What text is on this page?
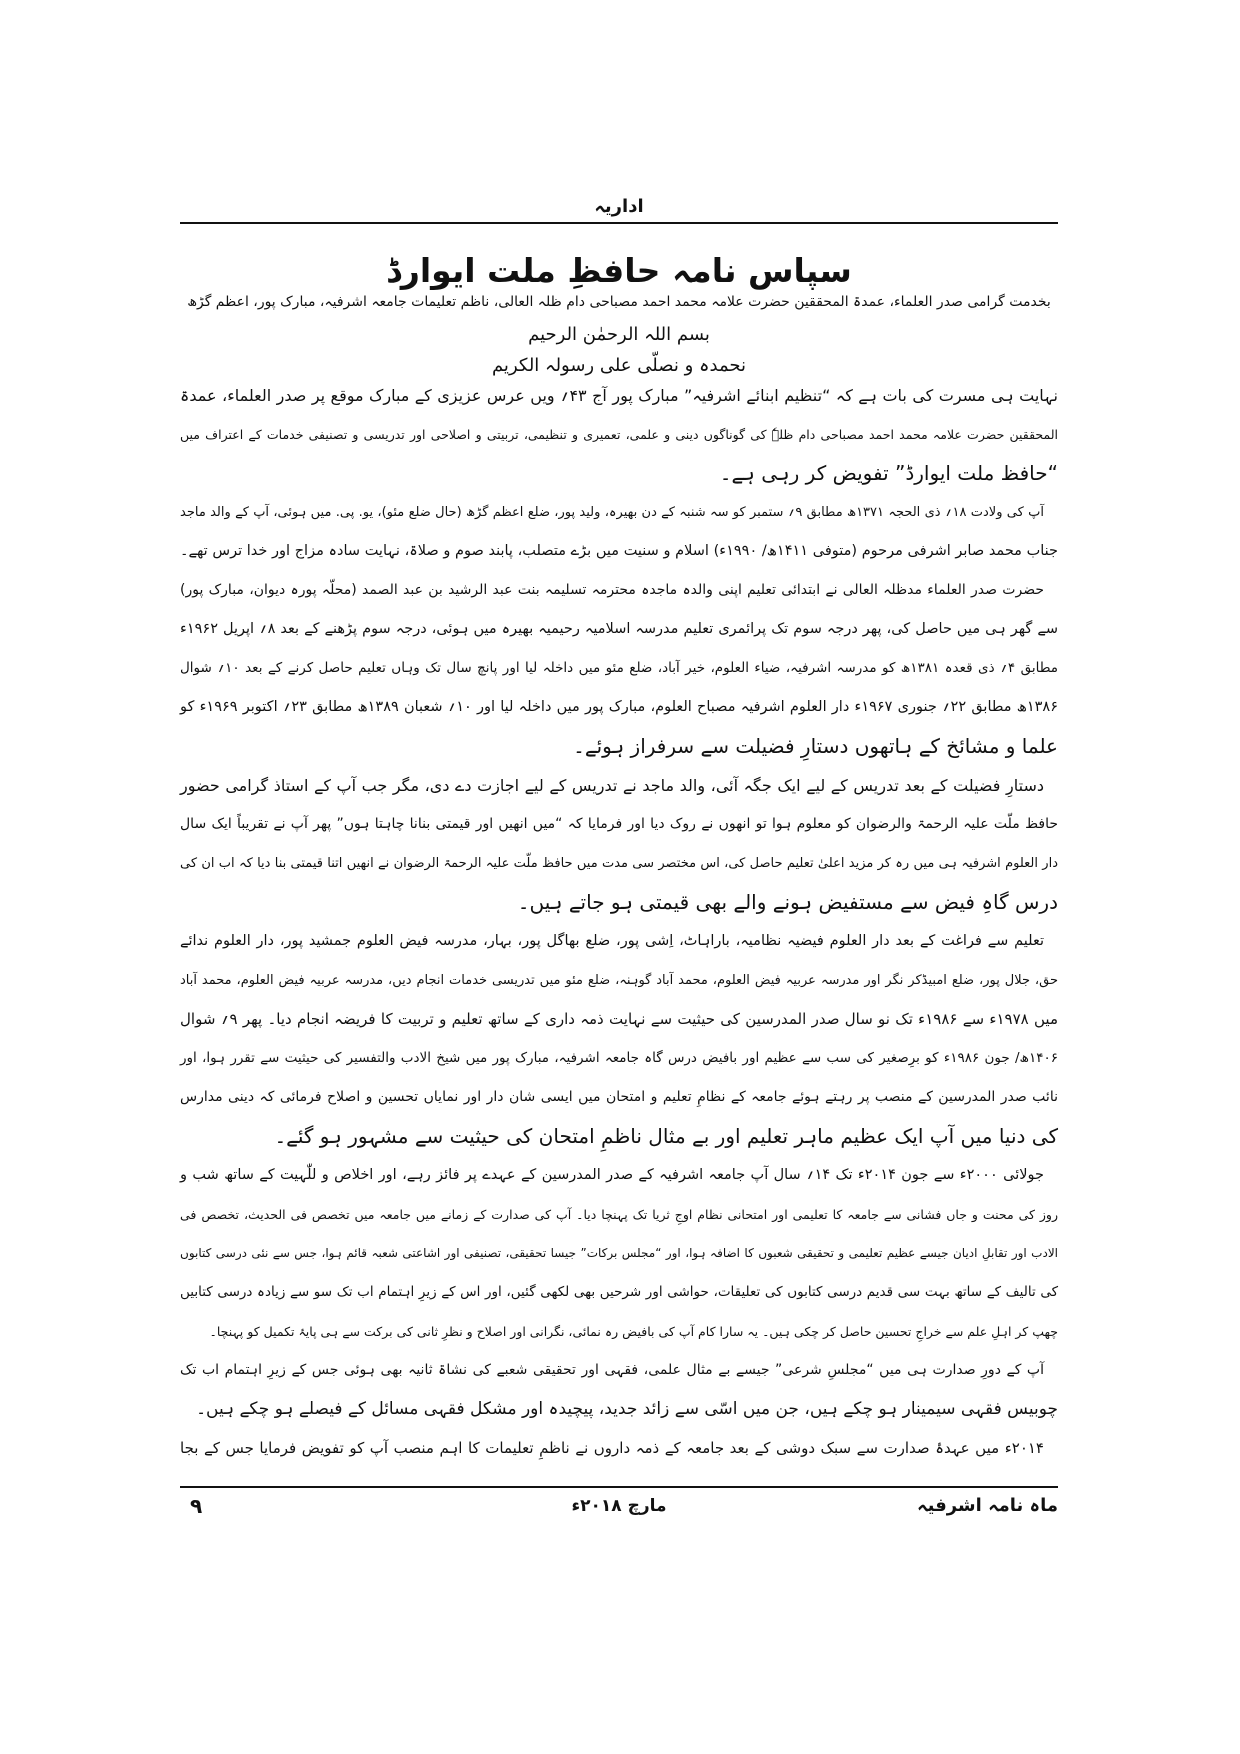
اداریہ
سپاس نامہ حافظِ ملت ایوارڈ
بخدمت گرامی صدر العلماء، عمدۃ المحققین حضرت علامہ محمد احمد مصباحی دام ظلہ العالی، ناظم تعلیمات جامعہ اشرفیہ، مبارک پور، اعظم گڑھ
بسم اللہ الرحمٰن الرحیم
نحمدہ و نصلّی علی رسولہ الکریم
نہایت ہی مسرت کی بات ہے کہ “تنظیم ابنائے اشرفیہ” مبارک پور آج ۴۳؍ ویں عرس عزیزی کے مبارک موقع پر صدر العلماء، عمدۃ
المحققین حضرت علامہ محمد احمد مصباحی دام ظلہٗ کی گوناگوں دینی و علمی، تعمیری و تنظیمی، تربیتی و اصلاحی اور تدریسی و تصنیفی خدمات کے اعتراف میں
“حافظ ملت ایوارڈ” تفویض کر رہی ہے۔
آپ کی ولادت ۱۸؍ ذی الحجہ ۱۳۷۱ھ مطابق ۹؍ ستمبر کو سہ شنبہ کے دن بھیرہ، ولید پور، ضلع اعظم گڑھ (حال ضلع مئو)، یو. پی. میں ہوئی، آپ کے والد ماجد
جناب محمد صابر اشرفی مرحوم (متوفی ۱۴۱۱ھ/ ۱۹۹۰ء) اسلام و سنیت میں بڑے متصلب، پابند صوم و صلاۃ، نہایت سادہ مزاج اور خدا ترس تھے۔
حضرت صدر العلماء مدظلہ العالی نے ابتدائی تعلیم اپنی والدہ ماجدہ محترمہ تسلیمہ بنت عبد الرشید بن عبد الصمد (محلّہ پورہ دیوان، مبارک پور)
سے گھر ہی میں حاصل کی، پھر درجہ سوم تک پرائمری تعلیم مدرسہ اسلامیہ رحیمیہ بھیرہ میں ہوئی، درجہ سوم پڑھنے کے بعد ۸؍ اپریل ۱۹۶۲ء
مطابق ۴؍ ذی قعدہ ۱۳۸۱ھ کو مدرسہ اشرفیہ، ضیاء العلوم، خیر آباد، ضلع مئو میں داخلہ لیا اور پانچ سال تک وہاں تعلیم حاصل کرنے کے بعد ۱۰؍ شوال
۱۳۸۶ھ مطابق ۲۲؍ جنوری ۱۹۶۷ء دار العلوم اشرفیہ مصباح العلوم، مبارک پور میں داخلہ لیا اور ۱۰؍ شعبان ۱۳۸۹ھ مطابق ۲۳؍ اکتوبر ۱۹۶۹ء کو
علما و مشائخ کے ہاتھوں دستارِ فضیلت سے سرفراز ہوئے۔
دستارِ فضیلت کے بعد تدریس کے لیے ایک جگہ آئی، والد ماجد نے تدریس کے لیے اجازت دے دی، مگر جب آپ کے استاذ گرامی حضور
حافظ ملّت علیہ الرحمۃ والرضوان کو معلوم ہوا تو انھوں نے روک دیا اور فرمایا کہ “میں انھیں اور قیمتی بنانا چاہتا ہوں” پھر آپ نے تقریباً ایک سال
دار العلوم اشرفیہ ہی میں رہ کر مزید اعلیٰ تعلیم حاصل کی، اس مختصر سی مدت میں حافظ ملّت علیہ الرحمۃ الرضوان نے انھیں اتنا قیمتی بنا دیا کہ اب ان کی
درس گاہِ فیض سے مستفیض ہونے والے بھی قیمتی ہو جاتے ہیں۔
تعلیم سے فراغت کے بعد دار العلوم فیضیہ نظامیہ، باراہاٹ، اِشی پور، ضلع بھاگل پور، بہار، مدرسہ فیض العلوم جمشید پور، دار العلوم ندائے
حق، جلال پور، ضلع امبیڈکر نگر اور مدرسہ عربیہ فیض العلوم، محمد آباد گوہنہ، ضلع مئو میں تدریسی خدمات انجام دیں، مدرسہ عربیہ فیض العلوم، محمد آباد
میں ۱۹۷۸ء سے ۱۹۸۶ء تک نو سال صدر المدرسین کی حیثیت سے نہایت ذمہ داری کے ساتھ تعلیم و تربیت کا فریضہ انجام دیا۔ پھر ۹؍ شوال
۱۴۰۶ھ/ جون ۱۹۸۶ء کو برِصغیر کی سب سے عظیم اور بافیض درس گاہ جامعہ اشرفیہ، مبارک پور میں شیخ الادب والتفسیر کی حیثیت سے تقرر ہوا، اور
نائب صدر المدرسین کے منصب پر رہتے ہوئے جامعہ کے نظامِ تعلیم و امتحان میں ایسی شان دار اور نمایاں تحسین و اصلاح فرمائی کہ دینی مدارس
کی دنیا میں آپ ایک عظیم ماہر تعلیم اور بے مثال ناظمِ امتحان کی حیثیت سے مشہور ہو گئے۔
جولائی ۲۰۰۰ء سے جون ۲۰۱۴ء تک ۱۴؍ سال آپ جامعہ اشرفیہ کے صدر المدرسین کے عہدے پر فائز رہے، اور اخلاص و للّٰہیت کے ساتھ شب و
روز کی محنت و جاں فشانی سے جامعہ کا تعلیمی اور امتحانی نظام اوجِ ثریا تک پہنچا دیا۔ آپ کی صدارت کے زمانے میں جامعہ میں تخصص فی الحدیث، تخصص فی
الادب اور تقابلِ ادیان جیسے عظیم تعلیمی و تحقیقی شعبوں کا اضافہ ہوا، اور “مجلس برکات” جیسا تحقیقی، تصنیفی اور اشاعتی شعبہ قائم ہوا، جس سے نئی درسی کتابوں
کی تالیف کے ساتھ بہت سی قدیم درسی کتابوں کی تعلیقات، حواشی اور شرحیں بھی لکھی گئیں، اور اس کے زیرِ اہتمام اب تک سو سے زیادہ درسی کتابیں
چھپ کر اہلِ علم سے خراجِ تحسین حاصل کر چکی ہیں۔ یہ سارا کام آپ کی بافیض رہ نمائی، نگرانی اور اصلاح و نظرِ ثانی کی برکت سے ہی پایۂ تکمیل کو پہنچا۔
آپ کے دورِ صدارت ہی میں “مجلسِ شرعی” جیسے بے مثال علمی، فقہی اور تحقیقی شعبے کی نشاۃ ثانیہ بھی ہوئی جس کے زیرِ اہتمام اب تک
چوبیس فقہی سیمینار ہو چکے ہیں، جن میں اسّی سے زائد جدید، پیچیدہ اور مشکل فقہی مسائل کے فیصلے ہو چکے ہیں۔
۲۰۱۴ء میں عہدۂ صدارت سے سبک دوشی کے بعد جامعہ کے ذمہ داروں نے ناظمِ تعلیمات کا اہم منصب آپ کو تفویض فرمایا جس کے بجا
ماہ نامہ اشرفیہ
مارچ ۲۰۱۸ء
۹
